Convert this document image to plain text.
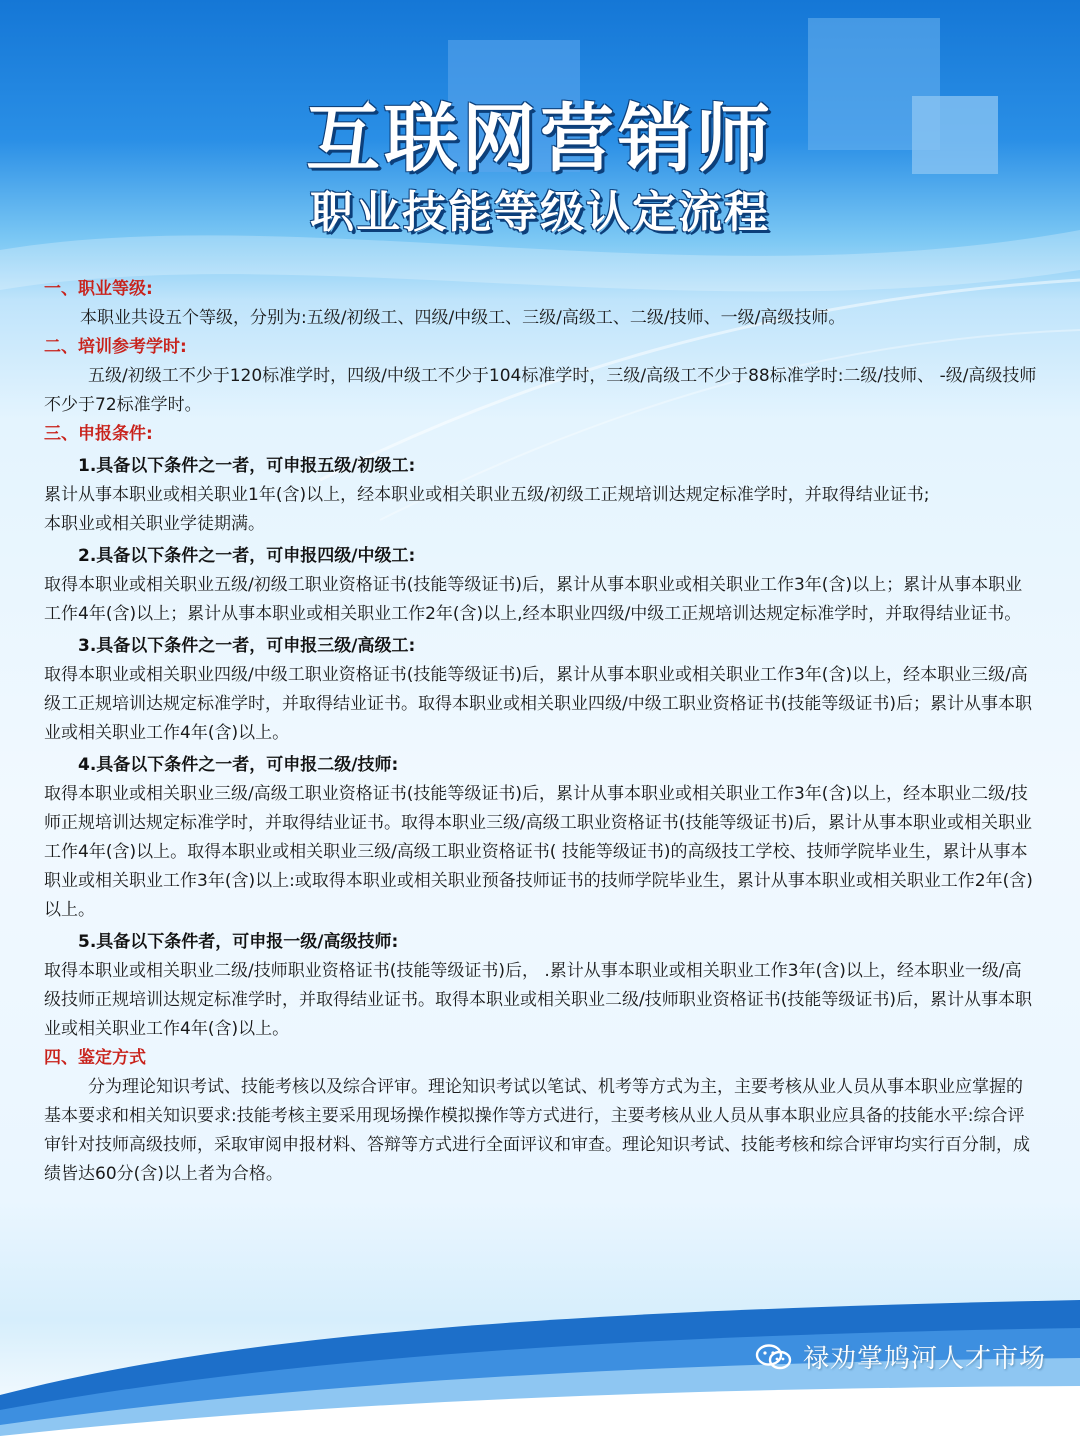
互联网营销师
职业技能等级认定流程
一、职业等级:
本职业共设五个等级，分别为:五级/初级工、四级/中级工、三级/高级工、二级/技师、一级/高级技师。
二、培训参考学时:
五级/初级工不少于120标准学时，四级/中级工不少于104标准学时，三级/高级工不少于88标准学时:二级/技师、 -级/高级技师不少于72标准学时。
三、申报条件:
1.具备以下条件之一者，可申报五级/初级工:
累计从事本职业或相关职业1年(含)以上，经本职业或相关职业五级/初级工正规培训达规定标准学时，并取得结业证书;
本职业或相关职业学徒期满。
2.具备以下条件之一者，可申报四级/中级工:
取得本职业或相关职业五级/初级工职业资格证书(技能等级证书)后，累计从事本职业或相关职业工作3年(含)以上；累计从事本职业工作4年(含)以上；累计从事本职业或相关职业工作2年(含)以上,经本职业四级/中级工正规培训达规定标准学时，并取得结业证书。
3.具备以下条件之一者，可申报三级/高级工:
取得本职业或相关职业四级/中级工职业资格证书(技能等级证书)后，累计从事本职业或相关职业工作3年(含)以上，经本职业三级/高级工正规培训达规定标准学时，并取得结业证书。取得本职业或相关职业四级/中级工职业资格证书(技能等级证书)后；累计从事本职业或相关职业工作4年(含)以上。
4.具备以下条件之一者，可申报二级/技师:
取得本职业或相关职业三级/高级工职业资格证书(技能等级证书)后，累计从事本职业或相关职业工作3年(含)以上，经本职业二级/技师正规培训达规定标准学时，并取得结业证书。取得本职业三级/高级工职业资格证书(技能等级证书)后，累计从事本职业或相关职业工作4年(含)以上。取得本职业或相关职业三级/高级工职业资格证书( 技能等级证书)的高级技工学校、技师学院毕业生，累计从事本职业或相关职业工作3年(含)以上:或取得本职业或相关职业预备技师证书的技师学院毕业生，累计从事本职业或相关职业工作2年(含)以上。
5.具备以下条件者，可申报一级/高级技师:
取得本职业或相关职业二级/技师职业资格证书(技能等级证书)后， .累计从事本职业或相关职业工作3年(含)以上，经本职业一级/高级技师正规培训达规定标准学时，并取得结业证书。取得本职业或相关职业二级/技师职业资格证书(技能等级证书)后，累计从事本职业或相关职业工作4年(含)以上。
四、鉴定方式
分为理论知识考试、技能考核以及综合评审。理论知识考试以笔试、机考等方式为主，主要考核从业人员从事本职业应掌握的基本要求和相关知识要求:技能考核主要采用现场操作模拟操作等方式进行，主要考核从业人员从事本职业应具备的技能水平:综合评审针对技师高级技师，采取审阅申报材料、答辩等方式进行全面评议和审查。理论知识考试、技能考核和综合评审均实行百分制，成绩皆达60分(含)以上者为合格。
禄劝掌鸠河人才市场
